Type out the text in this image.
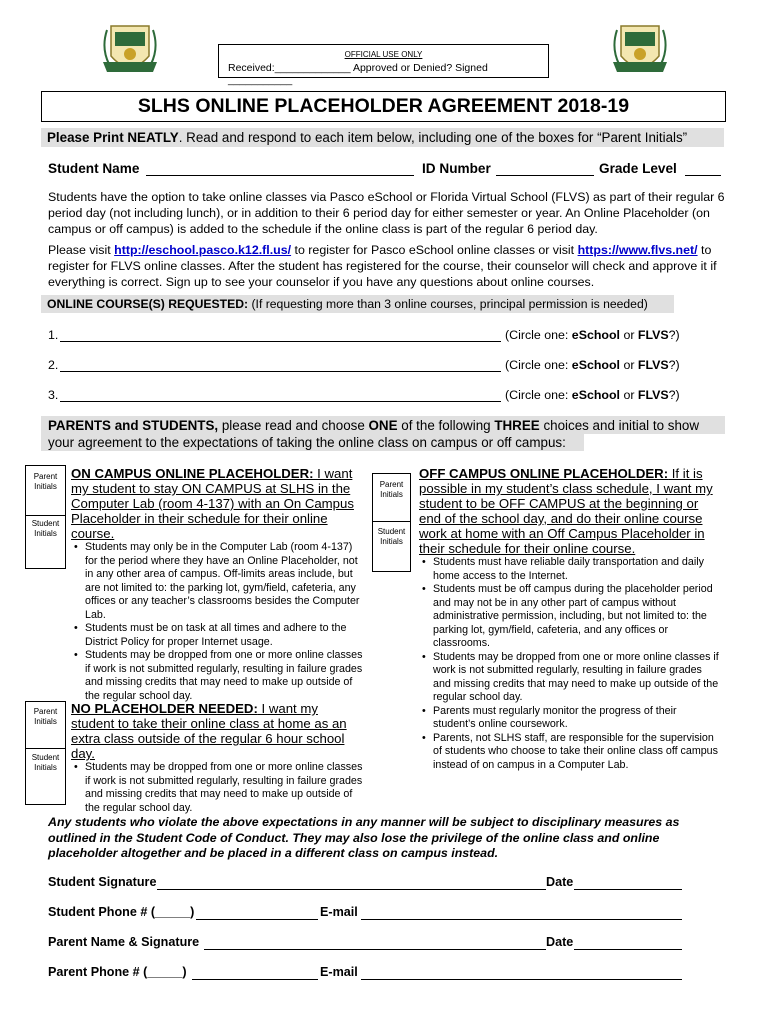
OFFICIAL USE ONLY
Received:_____________ Approved or Denied? Signed ___________
SLHS ONLINE PLACEHOLDER AGREEMENT 2018-19
Please Print NEATLY. Read and respond to each item below, including one of the boxes for “Parent Initials”
Student Name	ID Number	Grade Level
Students have the option to take online classes via Pasco eSchool or Florida Virtual School (FLVS) as part of their regular 6 period day (not including lunch), or in addition to their 6 period day for either semester or year. An Online Placeholder (on campus or off campus) is added to the schedule if the online class is part of the regular 6 period day.
Please visit http://eschool.pasco.k12.fl.us/ to register for Pasco eSchool online classes or visit https://www.flvs.net/ to register for FLVS online classes. After the student has registered for the course, their counselor will check and approve it if everything is correct. Sign up to see your counselor if you have any questions about online courses.
ONLINE COURSE(S) REQUESTED: (If requesting more than 3 online courses, principal permission is needed)
1.	(Circle one: eSchool or FLVS?)
2.	(Circle one: eSchool or FLVS?)
3.	(Circle one: eSchool or FLVS?)
PARENTS and STUDENTS, please read and choose ONE of the following THREE choices and initial to show your agreement to the expectations of taking the online class on campus or off campus:
Parent Initials
Student Initials
ON CAMPUS ONLINE PLACEHOLDER: I want my student to stay ON CAMPUS at SLHS in the Computer Lab (room 4-137) with an On Campus Placeholder in their schedule for their online course.
• Students may only be in the Computer Lab (room 4-137) for the period where they have an Online Placeholder, not in any other area of campus. Off-limits areas include, but are not limited to: the parking lot, gym/field, cafeteria, any offices or any teacher’s classrooms besides the Computer Lab.
• Students must be on task at all times and adhere to the District Policy for proper Internet usage.
• Students may be dropped from one or more online classes if work is not submitted regularly, resulting in failure grades and missing credits that may need to make up outside of the regular school day.
Parent Initials
Student Initials
NO PLACEHOLDER NEEDED: I want my student to take their online class at home as an extra class outside of the regular 6 hour school day.
• Students may be dropped from one or more online classes if work is not submitted regularly, resulting in failure grades and missing credits that may need to make up outside of the regular school day.
Parent Initials
Student Initials
OFF CAMPUS ONLINE PLACEHOLDER: If it is possible in my student’s class schedule, I want my student to be OFF CAMPUS at the beginning or end of the school day, and do their online course work at home with an Off Campus Placeholder in their schedule for their online course.
• Students must have reliable daily transportation and daily home access to the Internet.
• Students must be off campus during the placeholder period and may not be in any other part of campus without administrative permission, including, but not limited to: the parking lot, gym/field, cafeteria, and any offices or classrooms.
• Students may be dropped from one or more online classes if work is not submitted regularly, resulting in failure grades and missing credits that may need to make up outside of the regular school day.
• Parents must regularly monitor the progress of their student’s online coursework.
• Parents, not SLHS staff, are responsible for the supervision of students who choose to take their online class off campus instead of on campus in a Computer Lab.
Any students who violate the above expectations in any manner will be subject to disciplinary measures as outlined in the Student Code of Conduct. They may also lose the privilege of the online class and online placeholder altogether and be placed in a different class on campus instead.
Student Signature	Date
Student Phone # (_____)	E-mail
Parent Name & Signature	Date
Parent Phone # (_____)	E-mail
